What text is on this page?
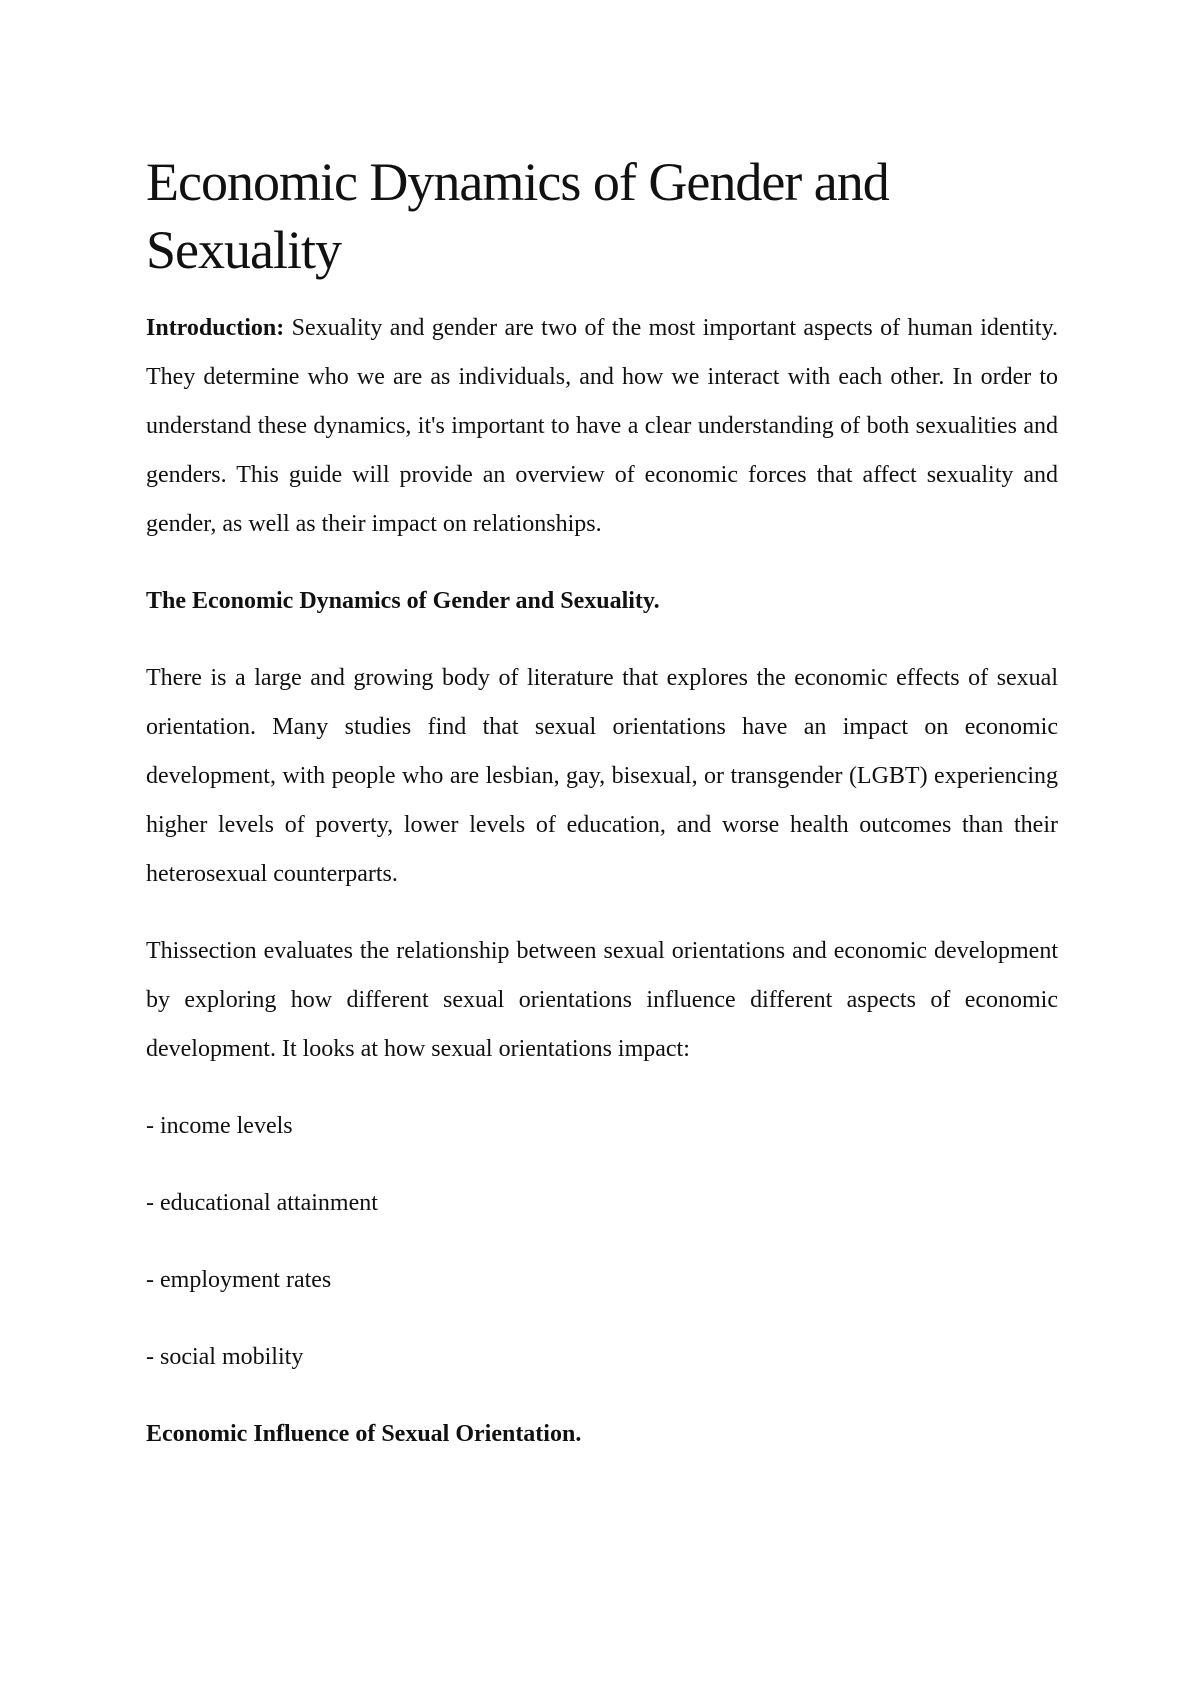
Economic Dynamics of Gender and Sexuality

Introduction: Sexuality and gender are two of the most important aspects of human identity. They determine who we are as individuals, and how we interact with each other. In order to understand these dynamics, it's important to have a clear understanding of both sexualities and genders. This guide will provide an overview of economic forces that affect sexuality and gender, as well as their impact on relationships.

The Economic Dynamics of Gender and Sexuality.

There is a large and growing body of literature that explores the economic effects of sexual orientation. Many studies find that sexual orientations have an impact on economic development, with people who are lesbian, gay, bisexual, or transgender (LGBT) experiencing higher levels of poverty, lower levels of education, and worse health outcomes than their heterosexual counterparts.

Thissection evaluates the relationship between sexual orientations and economic development by exploring how different sexual orientations influence different aspects of economic development. It looks at how sexual orientations impact:

- income levels
- educational attainment
- employment rates
- social mobility
Economic Influence of Sexual Orientation.
